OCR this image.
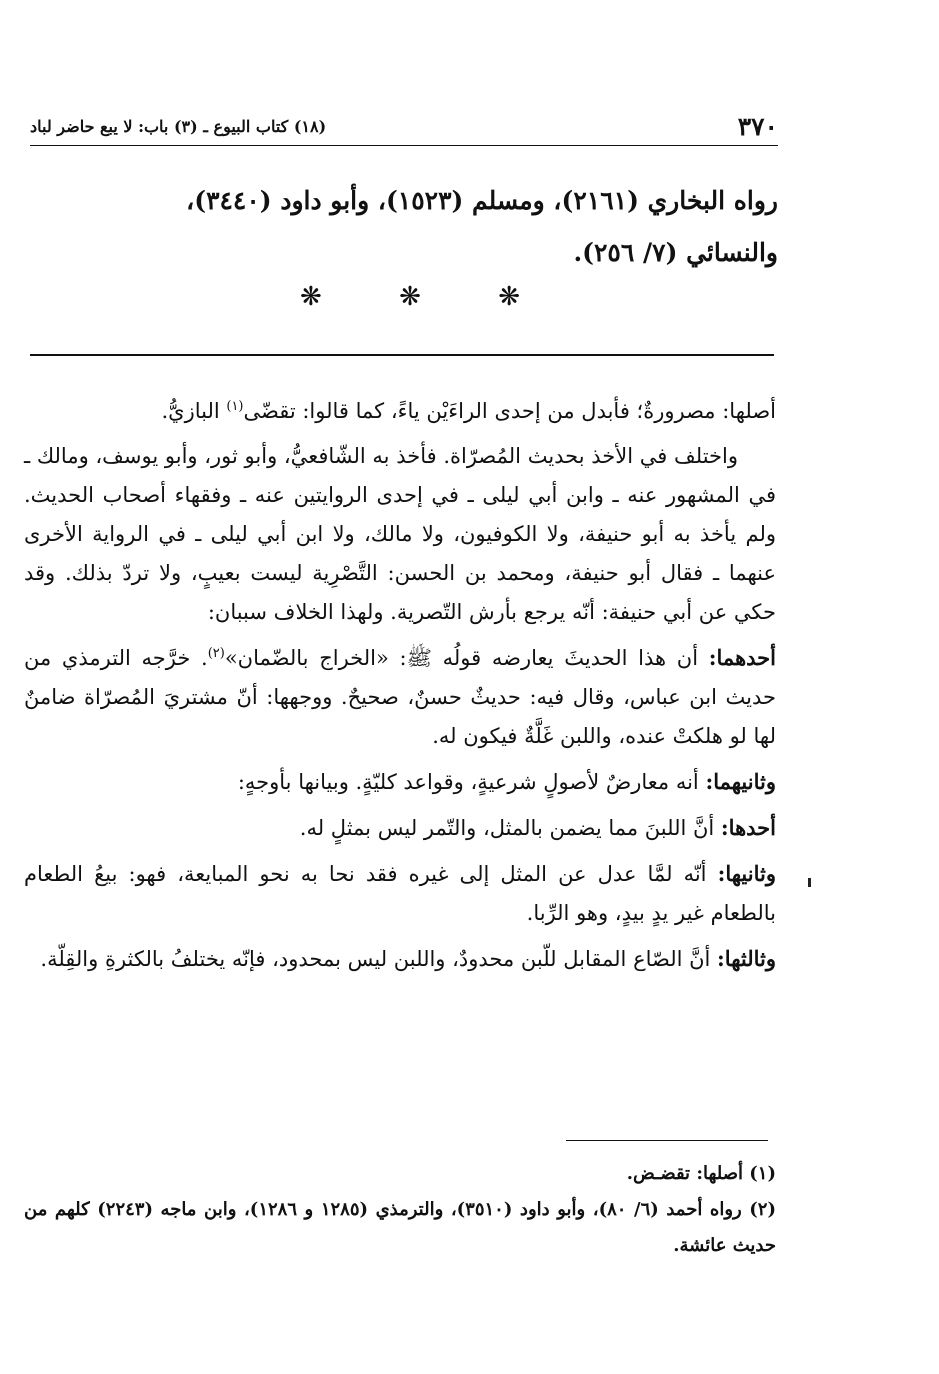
٣٧٠
(١٨) كتاب البيوع ـ (٣) باب: لا يبع حاضر لباد
رواه البخاري (٢١٦١)، ومسلم (١٥٢٣)، وأبو داود (٣٤٤٠)،
والنسائي (٧/ ٢٥٦).
❋	❋	❋

أصلها: مصرورةٌ؛ فأبدل من إحدى الراءَيْن ياءً، كما قالوا: تقضّى$^{(١)}$ البازيُّ.

واختلف في الأخذ بحديث المُصرّاة. فأخذ به الشّافعيُّ، وأبو ثور، وأبو يوسف، ومالك ـ في المشهور عنه ـ وابن أبي ليلى ـ في إحدى الروايتين عنه ـ وفقهاء أصحاب الحديث. ولم يأخذ به أبو حنيفة، ولا الكوفيون، ولا مالك، ولا ابن أبي ليلى ـ في الرواية الأخرى عنهما ـ فقال أبو حنيفة، ومحمد بن الحسن: التَّصْرِية ليست بعيبٍ، ولا تردّ بذلك. وقد حكي عن أبي حنيفة: أنّه يرجع بأرش التّصرية. ولهذا الخلاف سببان:

أحدهما: أن هذا الحديثَ يعارضه قولُه ﷺ: «الخراج بالضّمان»$^{(٢)}$. خرَّجه الترمذي من حديث ابن عباس، وقال فيه: حديثٌ حسنٌ، صحيحٌ. ووجهها: أنّ مشتريَ المُصرّاة ضامنٌ لها لو هلكتْ عنده، واللبن غَلَّةٌ فيكون له.

وثانيهما: أنه معارضٌ لأصولٍ شرعيةٍ، وقواعد كليّةٍ. وبيانها بأوجهٍ:

أحدها: أنَّ اللبنَ مما يضمن بالمثل، والتّمر ليس بمثلٍ له.

وثانيها: أنّه لمَّا عدل عن المثل إلى غيره فقد نحا به نحو المبايعة، فهو: بيعُ الطعام بالطعام غير يدٍ بيدٍ، وهو الرِّبا.

وثالثها: أنَّ الصّاع المقابل للّبن محدودٌ، واللبن ليس بمحدود، فإنّه يختلفُ بالكثرةِ والقِلّة.

(١) أصلها: تقضـض.

(٢) رواه أحمد (٦/ ٨٠)، وأبو داود (٣٥١٠)، والترمذي (١٢٨٥ و ١٢٨٦)، وابن ماجه (٢٢٤٣) كلهم من حديث عائشة.
